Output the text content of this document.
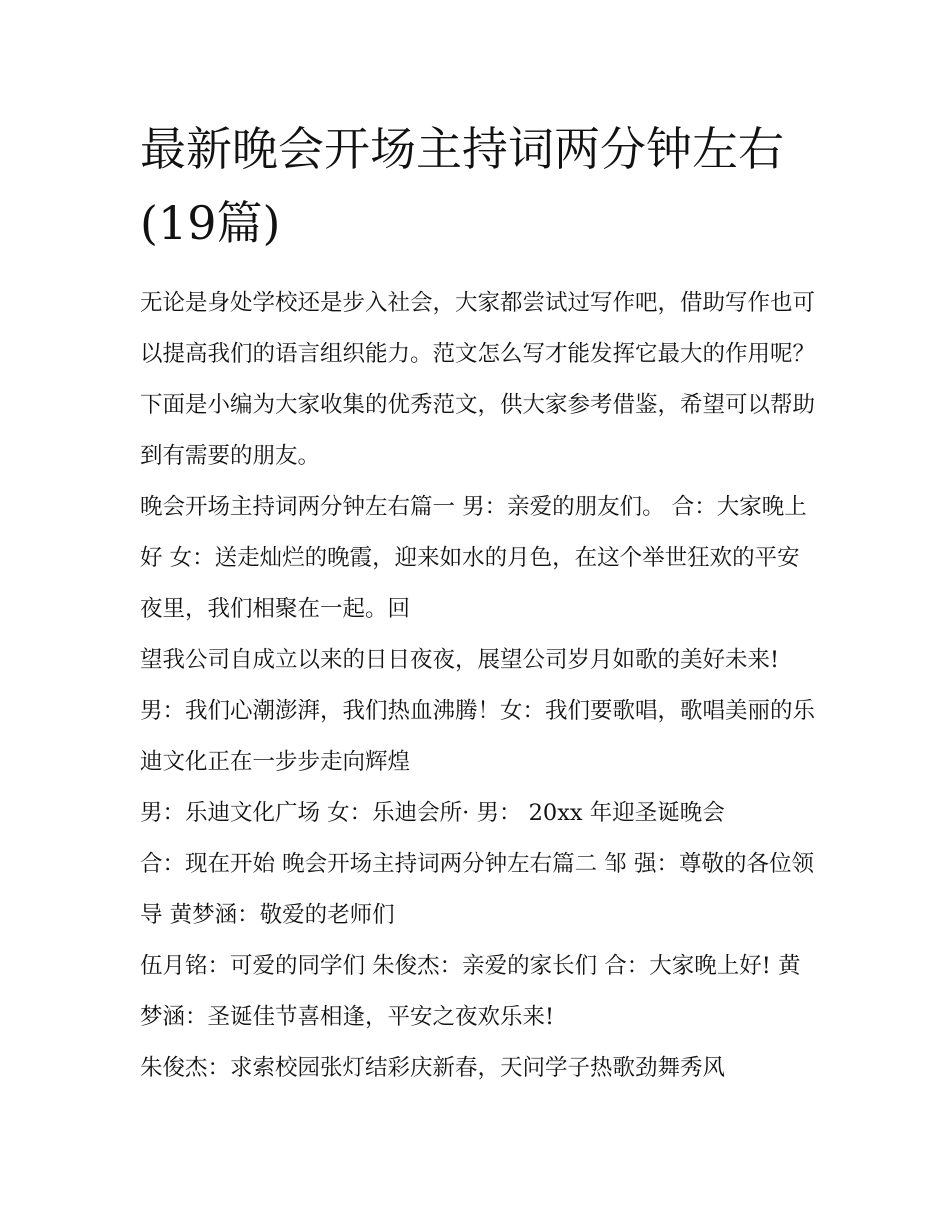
最新晚会开场主持词两分钟左右(19篇)

无论是身处学校还是步入社会，大家都尝试过写作吧，借助写作也可以提高我们的语言组织能力。范文怎么写才能发挥它最大的作用呢？下面是小编为大家收集的优秀范文，供大家参考借鉴，希望可以帮助到有需要的朋友。

晚会开场主持词两分钟左右篇一 男：亲爱的朋友们。 合：大家晚上好 女：送走灿烂的晚霞，迎来如水的月色，在这个举世狂欢的平安夜里，我们相聚在一起。回

望我公司自成立以来的日日夜夜，展望公司岁月如歌的美好未来! 男：我们心潮澎湃，我们热血沸腾！女：我们要歌唱，歌唱美丽的乐迪文化正在一步步走向辉煌

男：乐迪文化广场 女：乐迪会所· 男： 20xx 年迎圣诞晚会

合：现在开始 晚会开场主持词两分钟左右篇二 邹 强：尊敬的各位领导 黄梦涵：敬爱的老师们

伍月铭：可爱的同学们 朱俊杰：亲爱的家长们 合：大家晚上好! 黄梦涵：圣诞佳节喜相逢，平安之夜欢乐来!

朱俊杰：求索校园张灯结彩庆新春，天问学子热歌劲舞秀风
